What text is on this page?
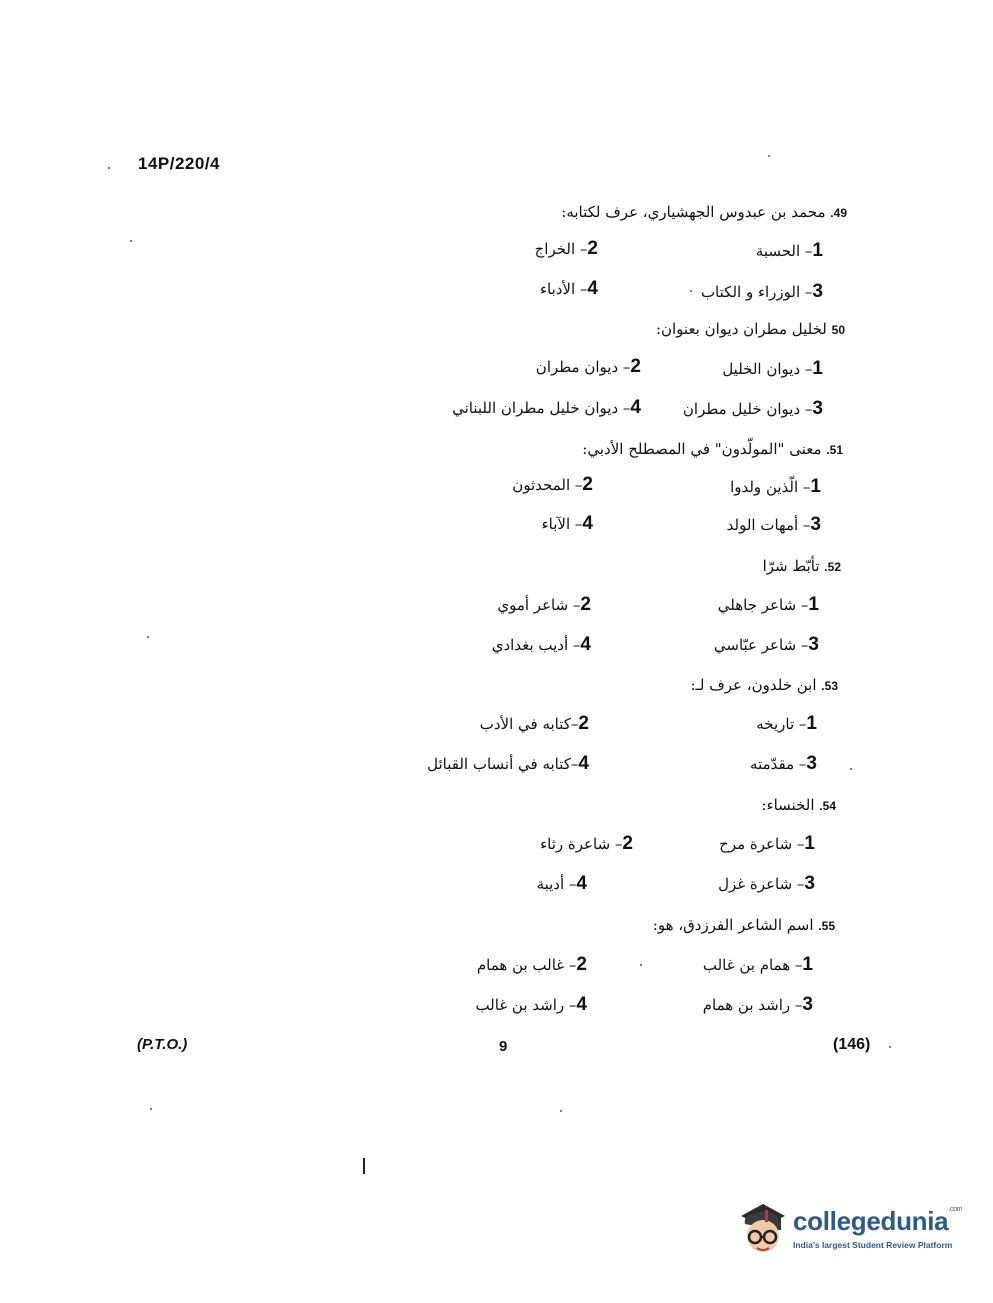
14P/220/4
49. محمد بن عبدوس الجهشياري، عرف لكتابه:
1– الحسبة
2– الخراج
3– الوزراء و الكتاب
4– الأدباء
50 لخليل مطران ديوان بعنوان:
1– ديوان الخليل
2– ديوان مطران
3– ديوان خليل مطران
4– ديوان خليل مطران اللبناني
51. معنى "المولّدون" في المصطلح الأدبي:
1– الّذين ولدوا
2– المحدثون
3– أمهات الولد
4– الآباء
52. تأبّط شرّا
1– شاعر جاهلي
2– شاعر أموي
3– شاعر عبّاسي
4– أديب بغدادي
53. ابن خلدون، عرف لـ:
1– تاريخه
2–كتابه في الأدب
3– مقدّمته
4–كتابه في أنساب القبائل
54. الخنساء:
1– شاعرة مرح
2– شاعرة رثاء
3– شاعرة غزل
4– أديبة
55. اسم الشاعر الفرزدق، هو:
1– همام بن غالب
2– غالب بن همام
3– راشد بن همام
4– راشد بن غالب
(P.T.O.)	9	(146)
collegedunia$^{.com}$
India's largest Student Review Platform
